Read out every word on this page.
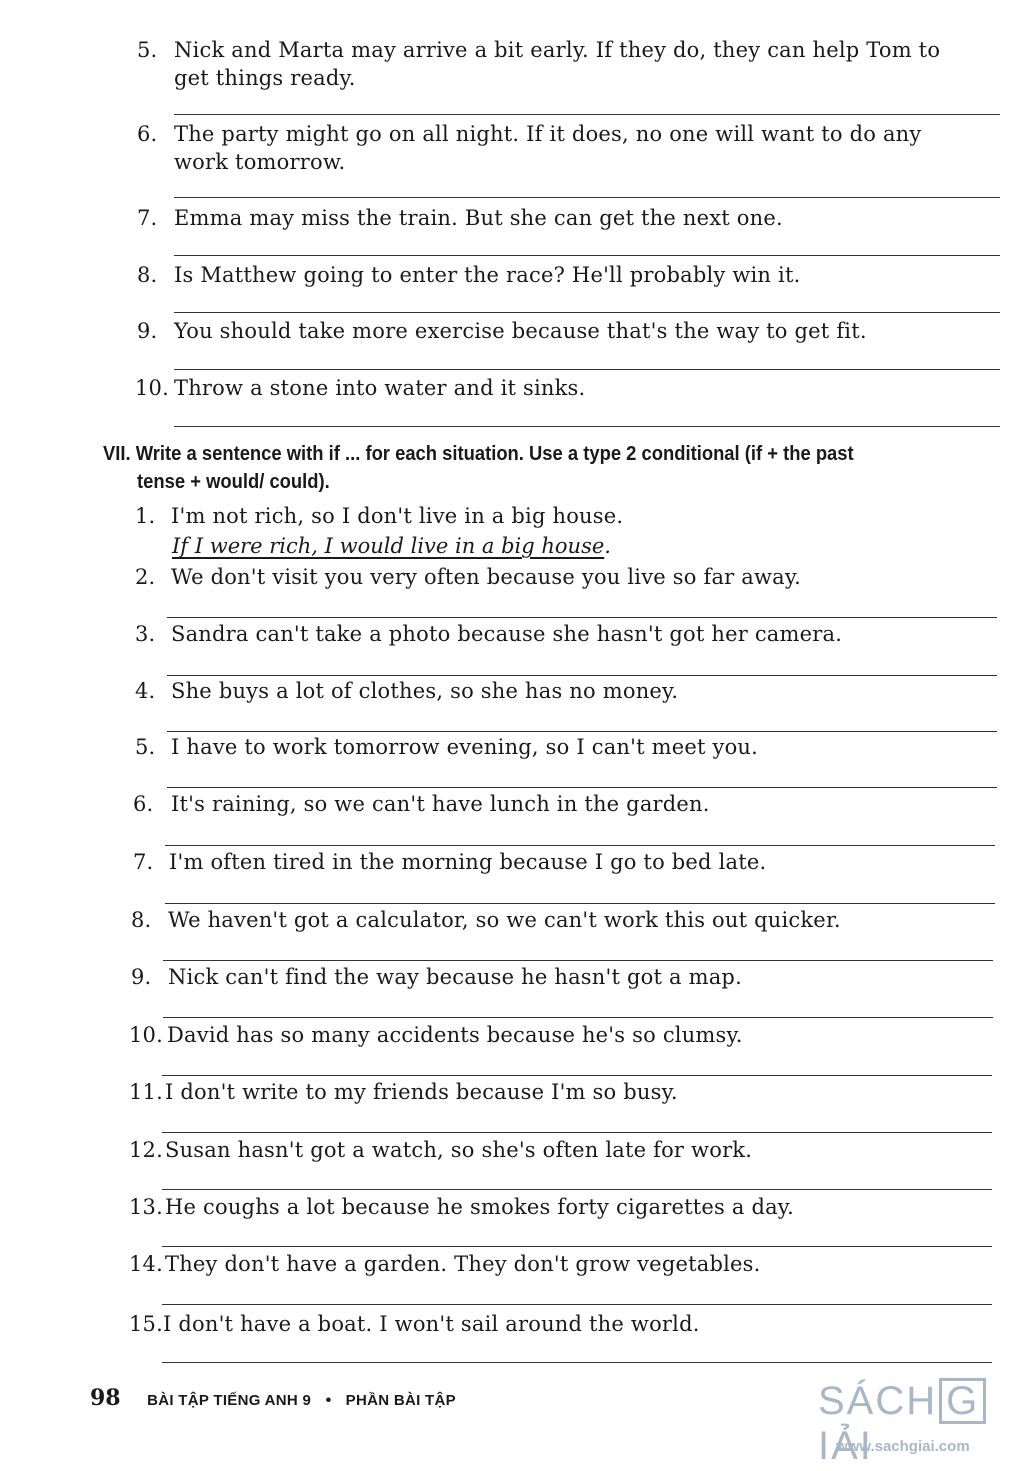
5. Nick and Marta may arrive a bit early. If they do, they can help Tom to
get things ready.
6. The party might go on all night. If it does, no one will want to do any
work tomorrow.
7. Emma may miss the train. But she can get the next one.
8. Is Matthew going to enter the race? He'll probably win it.
9. You should take more exercise because that's the way to get fit.
10. Throw a stone into water and it sinks.
VII. Write a sentence with if ... for each situation. Use a type 2 conditional (if + the past
tense + would/ could).
1. I'm not rich, so I don't live in a big house.
If I were rich, I would live in a big house.
2. We don't visit you very often because you live so far away.
3. Sandra can't take a photo because she hasn't got her camera.
4. She buys a lot of clothes, so she has no money.
5. I have to work tomorrow evening, so I can't meet you.
6. It's raining, so we can't have lunch in the garden.
7. I'm often tired in the morning because I go to bed late.
8. We haven't got a calculator, so we can't work this out quicker.
9. Nick can't find the way because he hasn't got a map.
10. David has so many accidents because he's so clumsy.
11. I don't write to my friends because I'm so busy.
12. Susan hasn't got a watch, so she's often late for work.
13. He coughs a lot because he smokes forty cigarettes a day.
14. They don't have a garden. They don't grow vegetables.
15. I don't have a boat. I won't sail around the world.
98 BÀI TẬP TIẾNG ANH 9 • PHẦN BÀI TẬP	SÁCH GIẢI
www.sachgiai.com
